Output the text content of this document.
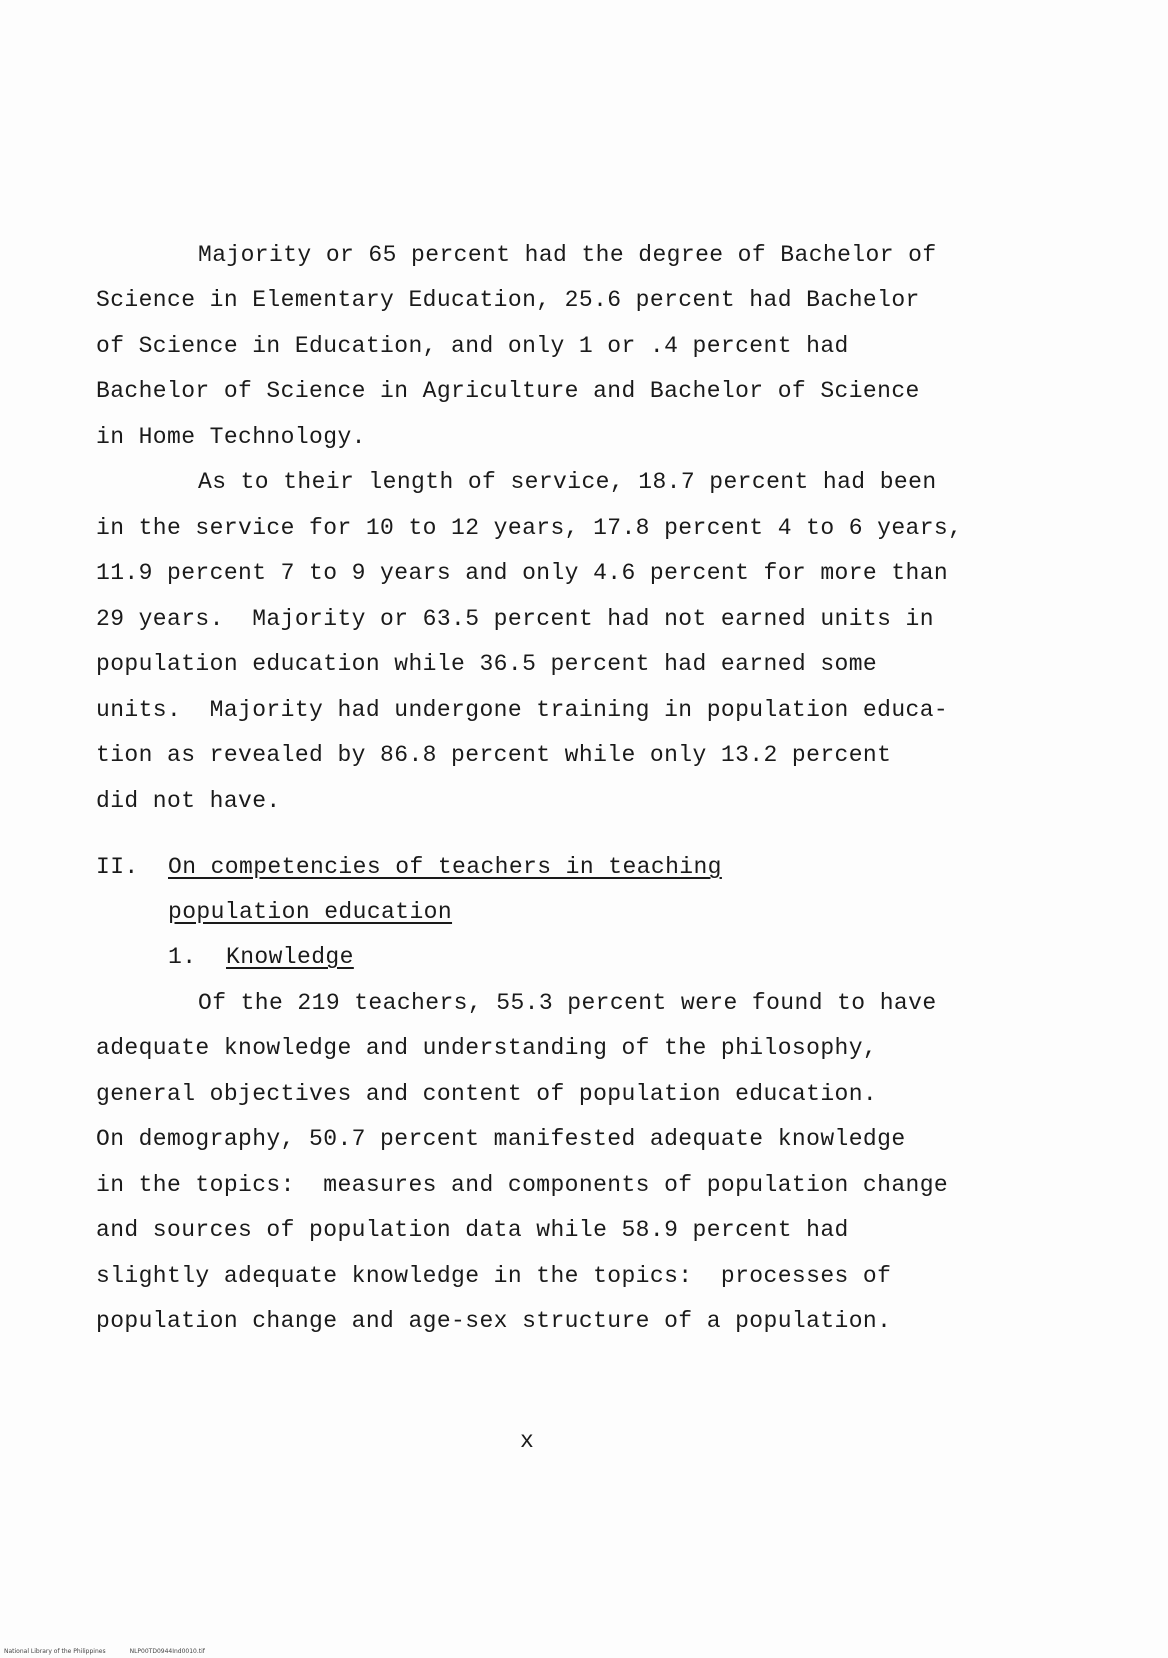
Majority or 65 percent had the degree of Bachelor of
Science in Elementary Education, 25.6 percent had Bachelor
of Science in Education, and only 1 or .4 percent had
Bachelor of Science in Agriculture and Bachelor of Science
in Home Technology.
As to their length of service, 18.7 percent had been
in the service for 10 to 12 years, 17.8 percent 4 to 6 years,
11.9 percent 7 to 9 years and only 4.6 percent for more than
29 years.  Majority or 63.5 percent had not earned units in
population education while 36.5 percent had earned some
units.  Majority had undergone training in population educa-
tion as revealed by 86.8 percent while only 13.2 percent
did not have.
II. On competencies of teachers in teaching
population education
1. Knowledge
Of the 219 teachers, 55.3 percent were found to have
adequate knowledge and understanding of the philosophy,
general objectives and content of population education.
On demography, 50.7 percent manifested adequate knowledge
in the topics:  measures and components of population change
and sources of population data while 58.9 percent had
slightly adequate knowledge in the topics:  processes of
population change and age-sex structure of a population.
x
National Library of the Philippines	NLP00TD0944Ind0010.tif
